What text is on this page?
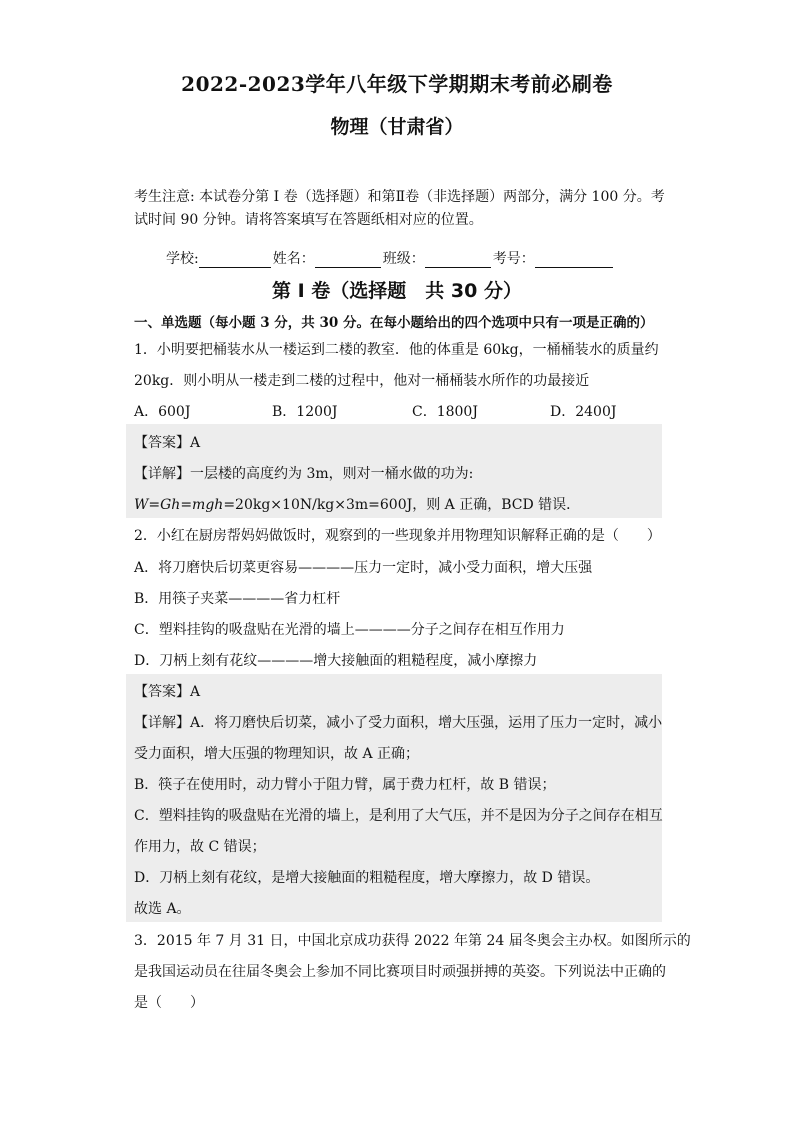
2022-2023学年八年级下学期期末考前必刷卷
物理（甘肃省）
考生注意: 本试卷分第 I 卷（选择题）和第Ⅱ卷（非选择题）两部分，满分 100 分。考试时间 90 分钟。请将答案填写在答题纸相对应的位置。
学校:	姓名：	班级：	考号：
第 I 卷（选择题　共 30 分）
一、单选题（每小题 3 分，共 30 分。在每小题给出的四个选项中只有一项是正确的）
1．小明要把桶装水从一楼运到二楼的教室．他的体重是 60kg，一桶桶装水的质量约
20kg．则小明从一楼走到二楼的过程中，他对一桶桶装水所作的功最接近
A．600J	B．1200J	C．1800J	D．2400J
【答案】A
【详解】一层楼的高度约为 3m，则对一桶水做的功为:
W=Gh=mgh=20kg×10N/kg×3m=600J，则 A 正确，BCD 错误．
2．小红在厨房帮妈妈做饭时，观察到的一些现象并用物理知识解释正确的是（　　）
A．将刀磨快后切菜更容易————压力一定时，减小受力面积，增大压强
B．用筷子夹菜————省力杠杆
C．塑料挂钩的吸盘贴在光滑的墙上————分子之间存在相互作用力
D．刀柄上刻有花纹————增大接触面的粗糙程度，减小摩擦力
【答案】A
【详解】A．将刀磨快后切菜，减小了受力面积，增大压强，运用了压力一定时，减小
受力面积，增大压强的物理知识，故 A 正确；
B．筷子在使用时，动力臂小于阻力臂，属于费力杠杆，故 B 错误；
C．塑料挂钩的吸盘贴在光滑的墙上，是利用了大气压，并不是因为分子之间存在相互
作用力，故 C 错误；
D．刀柄上刻有花纹，是增大接触面的粗糙程度，增大摩擦力，故 D 错误。
故选 A。
3．2015 年 7 月 31 日，中国北京成功获得 2022 年第 24 届冬奥会主办权。如图所示的
是我国运动员在往届冬奥会上参加不同比赛项目时顽强拼搏的英姿。下列说法中正确的
是（　　）
